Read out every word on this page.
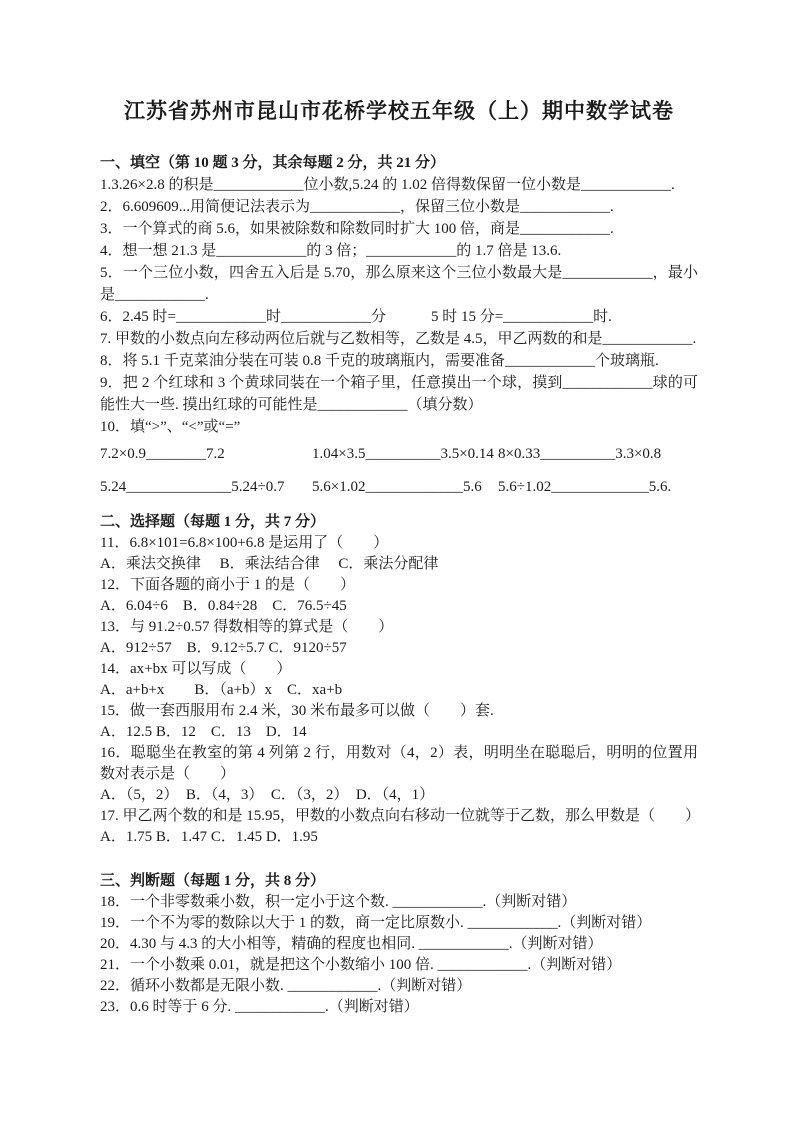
江苏省苏州市昆山市花桥学校五年级（上）期中数学试卷
一、填空（第 10 题 3 分，其余每题 2 分，共 21 分）

1.3.26×2.8 的积是____________位小数,5.24 的 1.02 倍得数保留一位小数是____________.

2．6.609609...用简便记法表示为____________，保留三位小数是____________.

3．一个算式的商 5.6，如果被除数和除数同时扩大 100 倍，商是____________.

4．想一想 21.3 是____________的 3 倍；____________的 1.7 倍是 13.6.

5．一个三位小数，四舍五入后是 5.70，那么原来这个三位小数最大是____________，最小是____________.

6．2.45 时=____________时____________分　　　5 时 15 分=____________时.

7. 甲数的小数点向左移动两位后就与乙数相等，乙数是 4.5，甲乙两数的和是____________.

8．将 5.1 千克菜油分装在可装 0.8 千克的玻璃瓶内，需要准备____________个玻璃瓶.

9．把 2 个红球和 3 个黄球同装在一个箱子里，任意摸出一个球，摸到____________球的可能性大一些. 摸出红球的可能性是____________（填分数）

10．填“>”、“<”或“=”

7.2×0.9________7.2	1.04×3.5__________3.5×0.14 8×0.33__________3.3×0.8
5.24______________5.24÷0.7	5.6×1.02_____________5.6	5.6÷1.02_____________5.6.
二、选择题（每题 1 分，共 7 分）

11．6.8×101=6.8×100+6.8 是运用了（　　）

A．乘法交换律　 B．乘法结合律　 C．乘法分配律

12．下面各题的商小于 1 的是（　　）

A．6.04÷6　B．0.84÷28　C．76.5÷45

13．与 91.2÷0.57 得数相等的算式是（　　）

A．912÷57　B．9.12÷5.7 C．9120÷57

14．ax+bx 可以写成（　　）

A．a+b+x　　B．（a+b）x　C．xa+b

15．做一套西服用布 2.4 米，30 米布最多可以做（　　）套.

A．12.5 B．12　C．13　D．14

16．聪聪坐在教室的第 4 列第 2 行，用数对（4，2）表，明明坐在聪聪后，明明的位置用数对表示是（　　）

A．（5，2）　B．（4，3）　C．（3，2）　D．（4，1）

17. 甲乙两个数的和是 15.95，甲数的小数点向右移动一位就等于乙数，那么甲数是（　　）

A．1.75 B．1.47 C．1.45 D．1.95

三、判断题（每题 1 分，共 8 分）

18．一个非零数乘小数，积一定小于这个数. ____________.（判断对错）

19．一个不为零的数除以大于 1 的数，商一定比原数小. ____________.（判断对错）

20．4.30 与 4.3 的大小相等，精确的程度也相同. ____________.（判断对错）

21．一个小数乘 0.01，就是把这个小数缩小 100 倍. ____________.（判断对错）

22．循环小数都是无限小数. ____________.（判断对错）

23．0.6 时等于 6 分. ____________.（判断对错）
